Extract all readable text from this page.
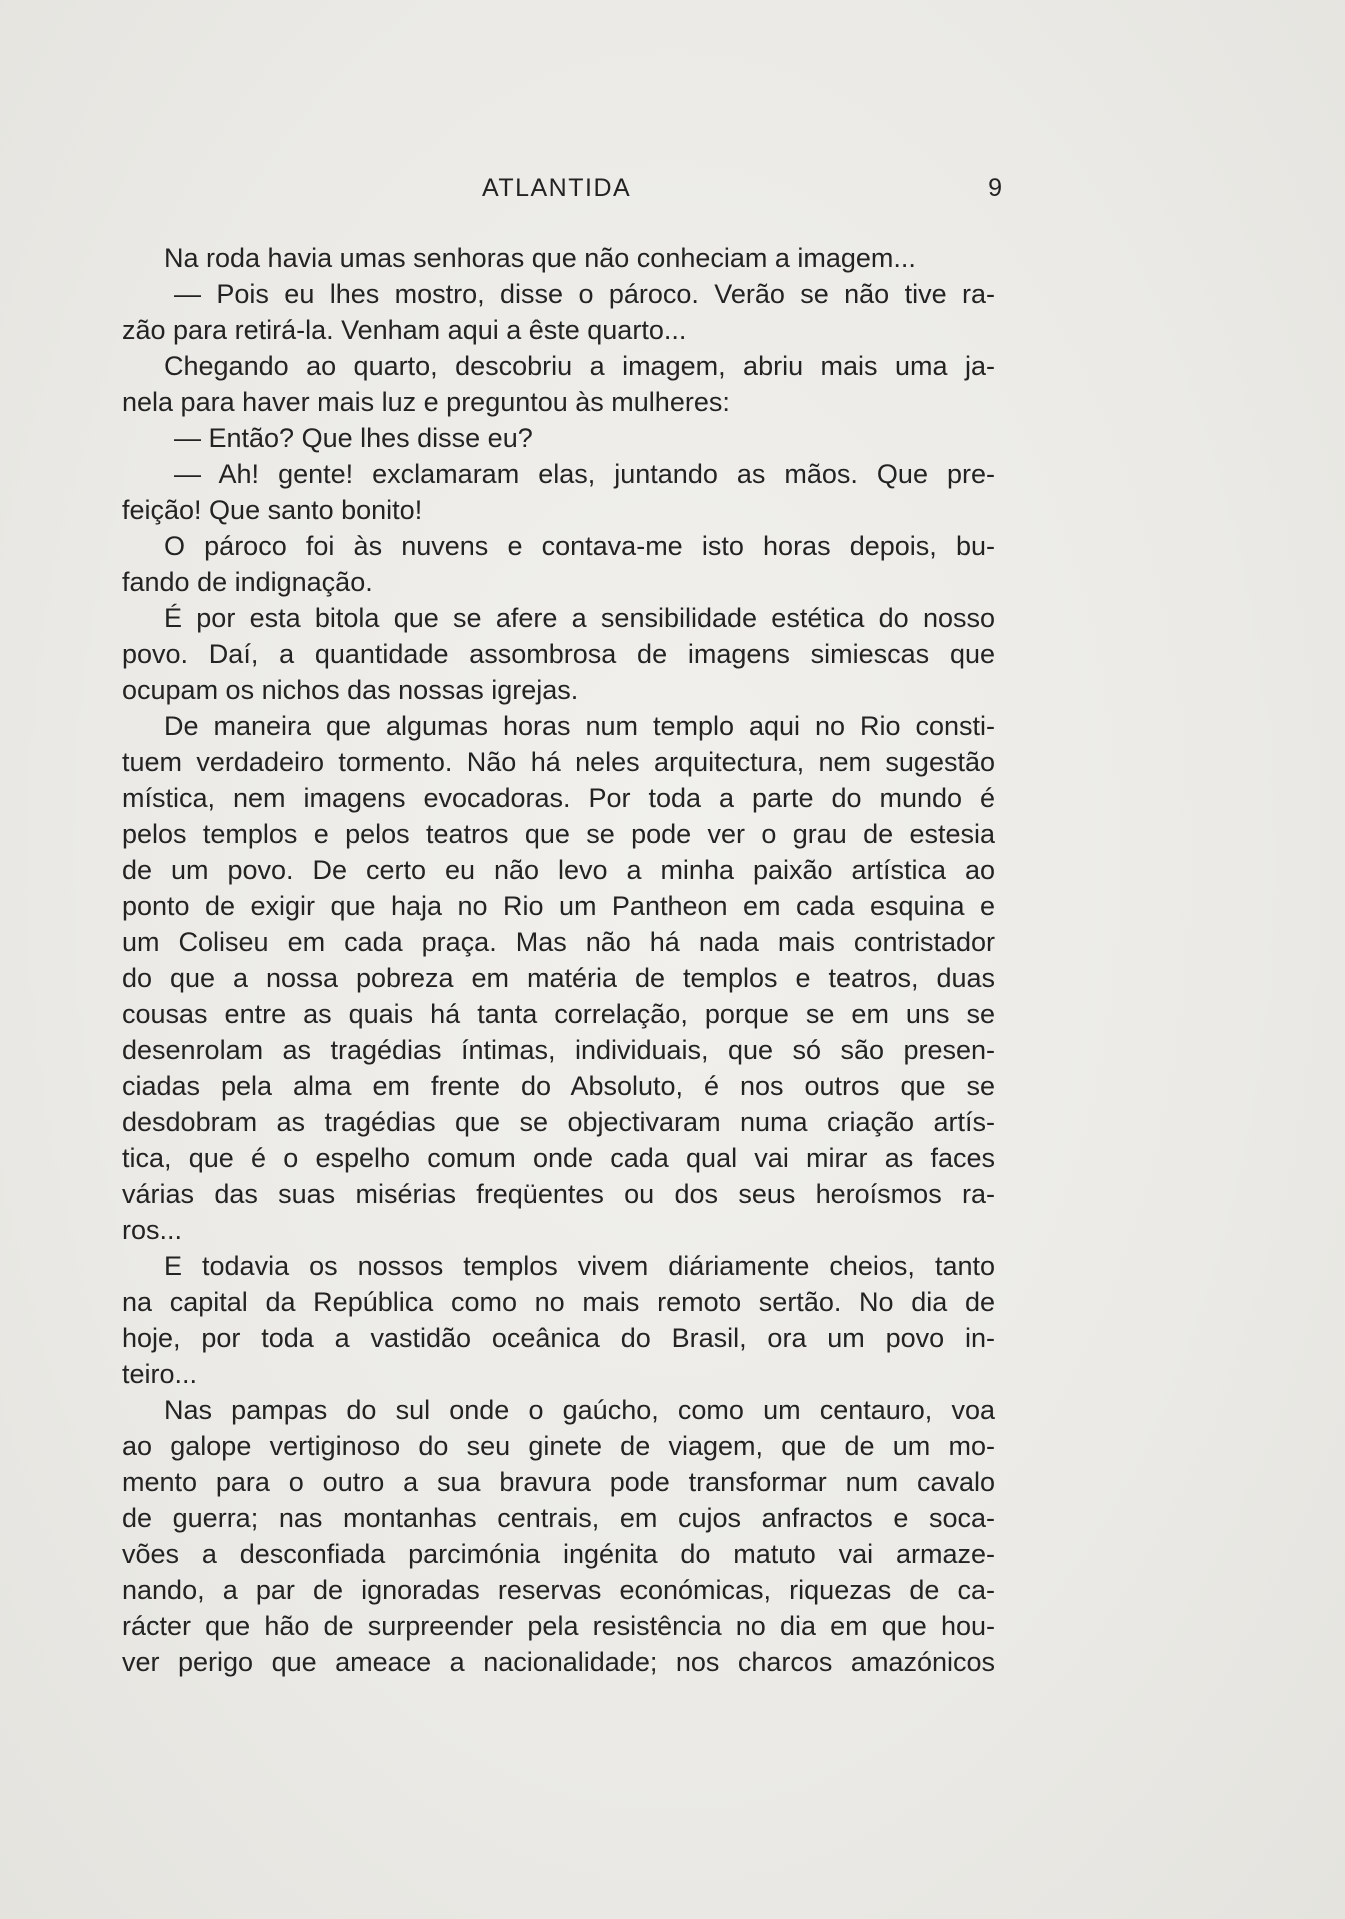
ATLANTIDA	9
Na roda havia umas senhoras que não conheciam a imagem...
— Pois eu lhes mostro, disse o pároco. Verão se não tive ra-
zão para retirá-la. Venham aqui a êste quarto...
Chegando ao quarto, descobriu a imagem, abriu mais uma ja-
nela para haver mais luz e preguntou às mulheres:
— Então? Que lhes disse eu?
— Ah! gente! exclamaram elas, juntando as mãos. Que pre-
feição! Que santo bonito!
O pároco foi às nuvens e contava-me isto horas depois, bu-
fando de indignação.
É por esta bitola que se afere a sensibilidade estética do nosso
povo. Daí, a quantidade assombrosa de imagens simiescas que
ocupam os nichos das nossas igrejas.
De maneira que algumas horas num templo aqui no Rio consti-
tuem verdadeiro tormento. Não há neles arquitectura, nem sugestão
mística, nem imagens evocadoras. Por toda a parte do mundo é
pelos templos e pelos teatros que se pode ver o grau de estesia
de um povo. De certo eu não levo a minha paixão artística ao
ponto de exigir que haja no Rio um Pantheon em cada esquina e
um Coliseu em cada praça. Mas não há nada mais contristador
do que a nossa pobreza em matéria de templos e teatros, duas
cousas entre as quais há tanta correlação, porque se em uns se
desenrolam as tragédias íntimas, individuais, que só são presen-
ciadas pela alma em frente do Absoluto, é nos outros que se
desdobram as tragédias que se objectivaram numa criação artís-
tica, que é o espelho comum onde cada qual vai mirar as faces
várias das suas misérias freqüentes ou dos seus heroísmos ra-
ros...
E todavia os nossos templos vivem diáriamente cheios, tanto
na capital da República como no mais remoto sertão. No dia de
hoje, por toda a vastidão oceânica do Brasil, ora um povo in-
teiro...
Nas pampas do sul onde o gaúcho, como um centauro, voa
ao galope vertiginoso do seu ginete de viagem, que de um mo-
mento para o outro a sua bravura pode transformar num cavalo
de guerra; nas montanhas centrais, em cujos anfractos e soca-
vões a desconfiada parcimónia ingénita do matuto vai armaze-
nando, a par de ignoradas reservas económicas, riquezas de ca-
rácter que hão de surpreender pela resistência no dia em que hou-
ver perigo que ameace a nacionalidade; nos charcos amazónicos
